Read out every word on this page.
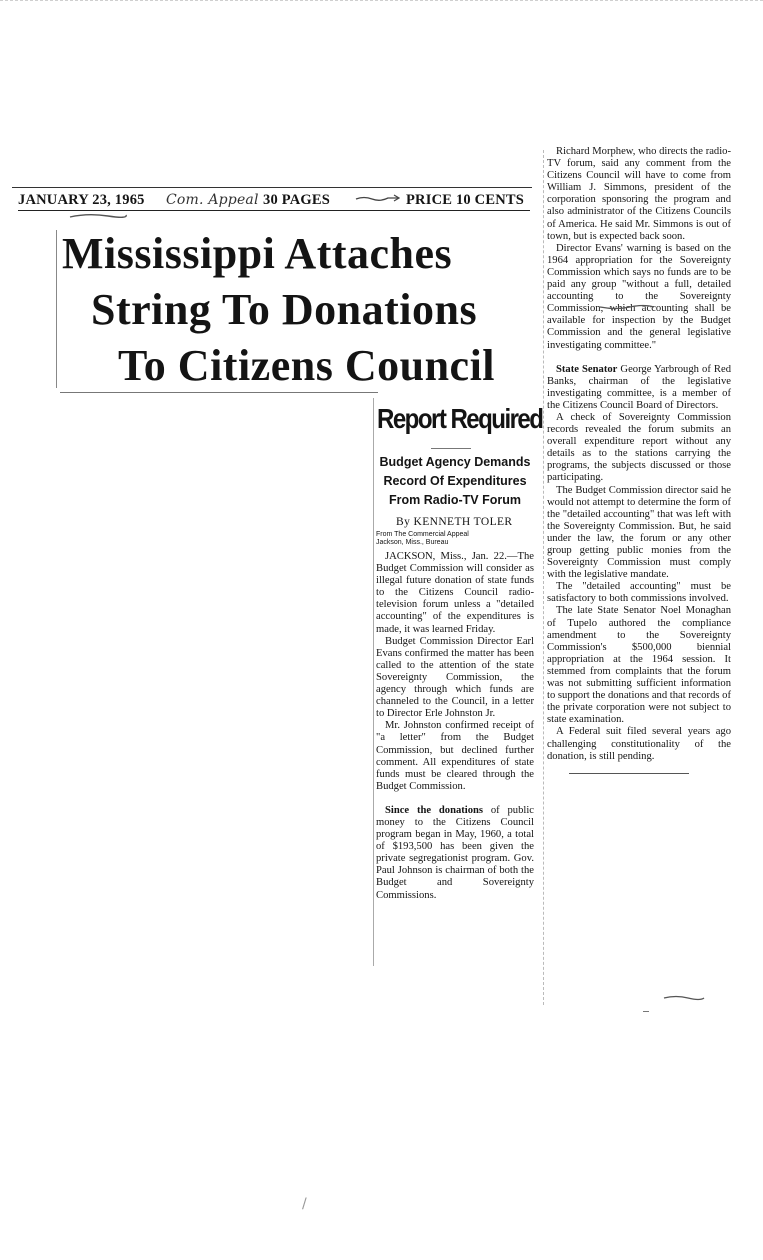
JANUARY 23, 1965 Com. Appeal 30 PAGES	PRICE 10 CENTS
Mississippi Attaches
String To Donations
To Citizens Council
Report Required
Budget Agency Demands
Record Of Expenditures
From Radio-TV Forum
By KENNETH TOLER
From The Commercial Appeal
Jackson, Miss., Bureau

JACKSON, Miss., Jan. 22.—The Budget Commission will consider as illegal future donation of state funds to the Citizens Council radio-television forum unless a "detailed accounting" of the expenditures is made, it was learned Friday.

Budget Commission Director Earl Evans confirmed the matter has been called to the attention of the state Sovereignty Commission, the agency through which funds are channeled to the Council, in a letter to Director Erle Johnston Jr.

Mr. Johnston confirmed receipt of "a letter" from the Budget Commission, but declined further comment. All expenditures of state funds must be cleared through the Budget Commission.

Since the donations of public money to the Citizens Council program began in May, 1960, a total of $193,500 has been given the private segregationist program. Gov. Paul Johnson is chairman of both the Budget and Sovereignty Commissions.

Richard Morphew, who directs the radio-TV forum, said any comment from the Citizens Council will have to come from William J. Simmons, president of the corporation sponsoring the program and also administrator of the Citizens Councils of America. He said Mr. Simmons is out of town, but is expected back soon.

Director Evans' warning is based on the 1964 appropriation for the Sovereignty Commission which says no funds are to be paid any group "without a full, detailed accounting to the Sovereignty Commission, which accounting shall be available for inspection by the Budget Commission and the general legislative investigating committee."

State Senator George Yarbrough of Red Banks, chairman of the legislative investigating committee, is a member of the Citizens Council Board of Directors.

A check of Sovereignty Commission records revealed the forum submits an overall expenditure report without any details as to the stations carrying the programs, the subjects discussed or those participating.

The Budget Commission director said he would not attempt to determine the form of the "detailed accounting" that was left with the Sovereignty Commission. But, he said under the law, the forum or any other group getting public monies from the Sovereignty Commission must comply with the legislative mandate.

The "detailed accounting" must be satisfactory to both commissions involved.

The late State Senator Noel Monaghan of Tupelo authored the compliance amendment to the Sovereignty Commission's $500,000 biennial appropriation at the 1964 session. It stemmed from complaints that the forum was not submitting sufficient information to support the donations and that records of the private corporation were not subject to state examination.

A Federal suit filed several years ago challenging constitutionality of the donation, is still pending.

/
